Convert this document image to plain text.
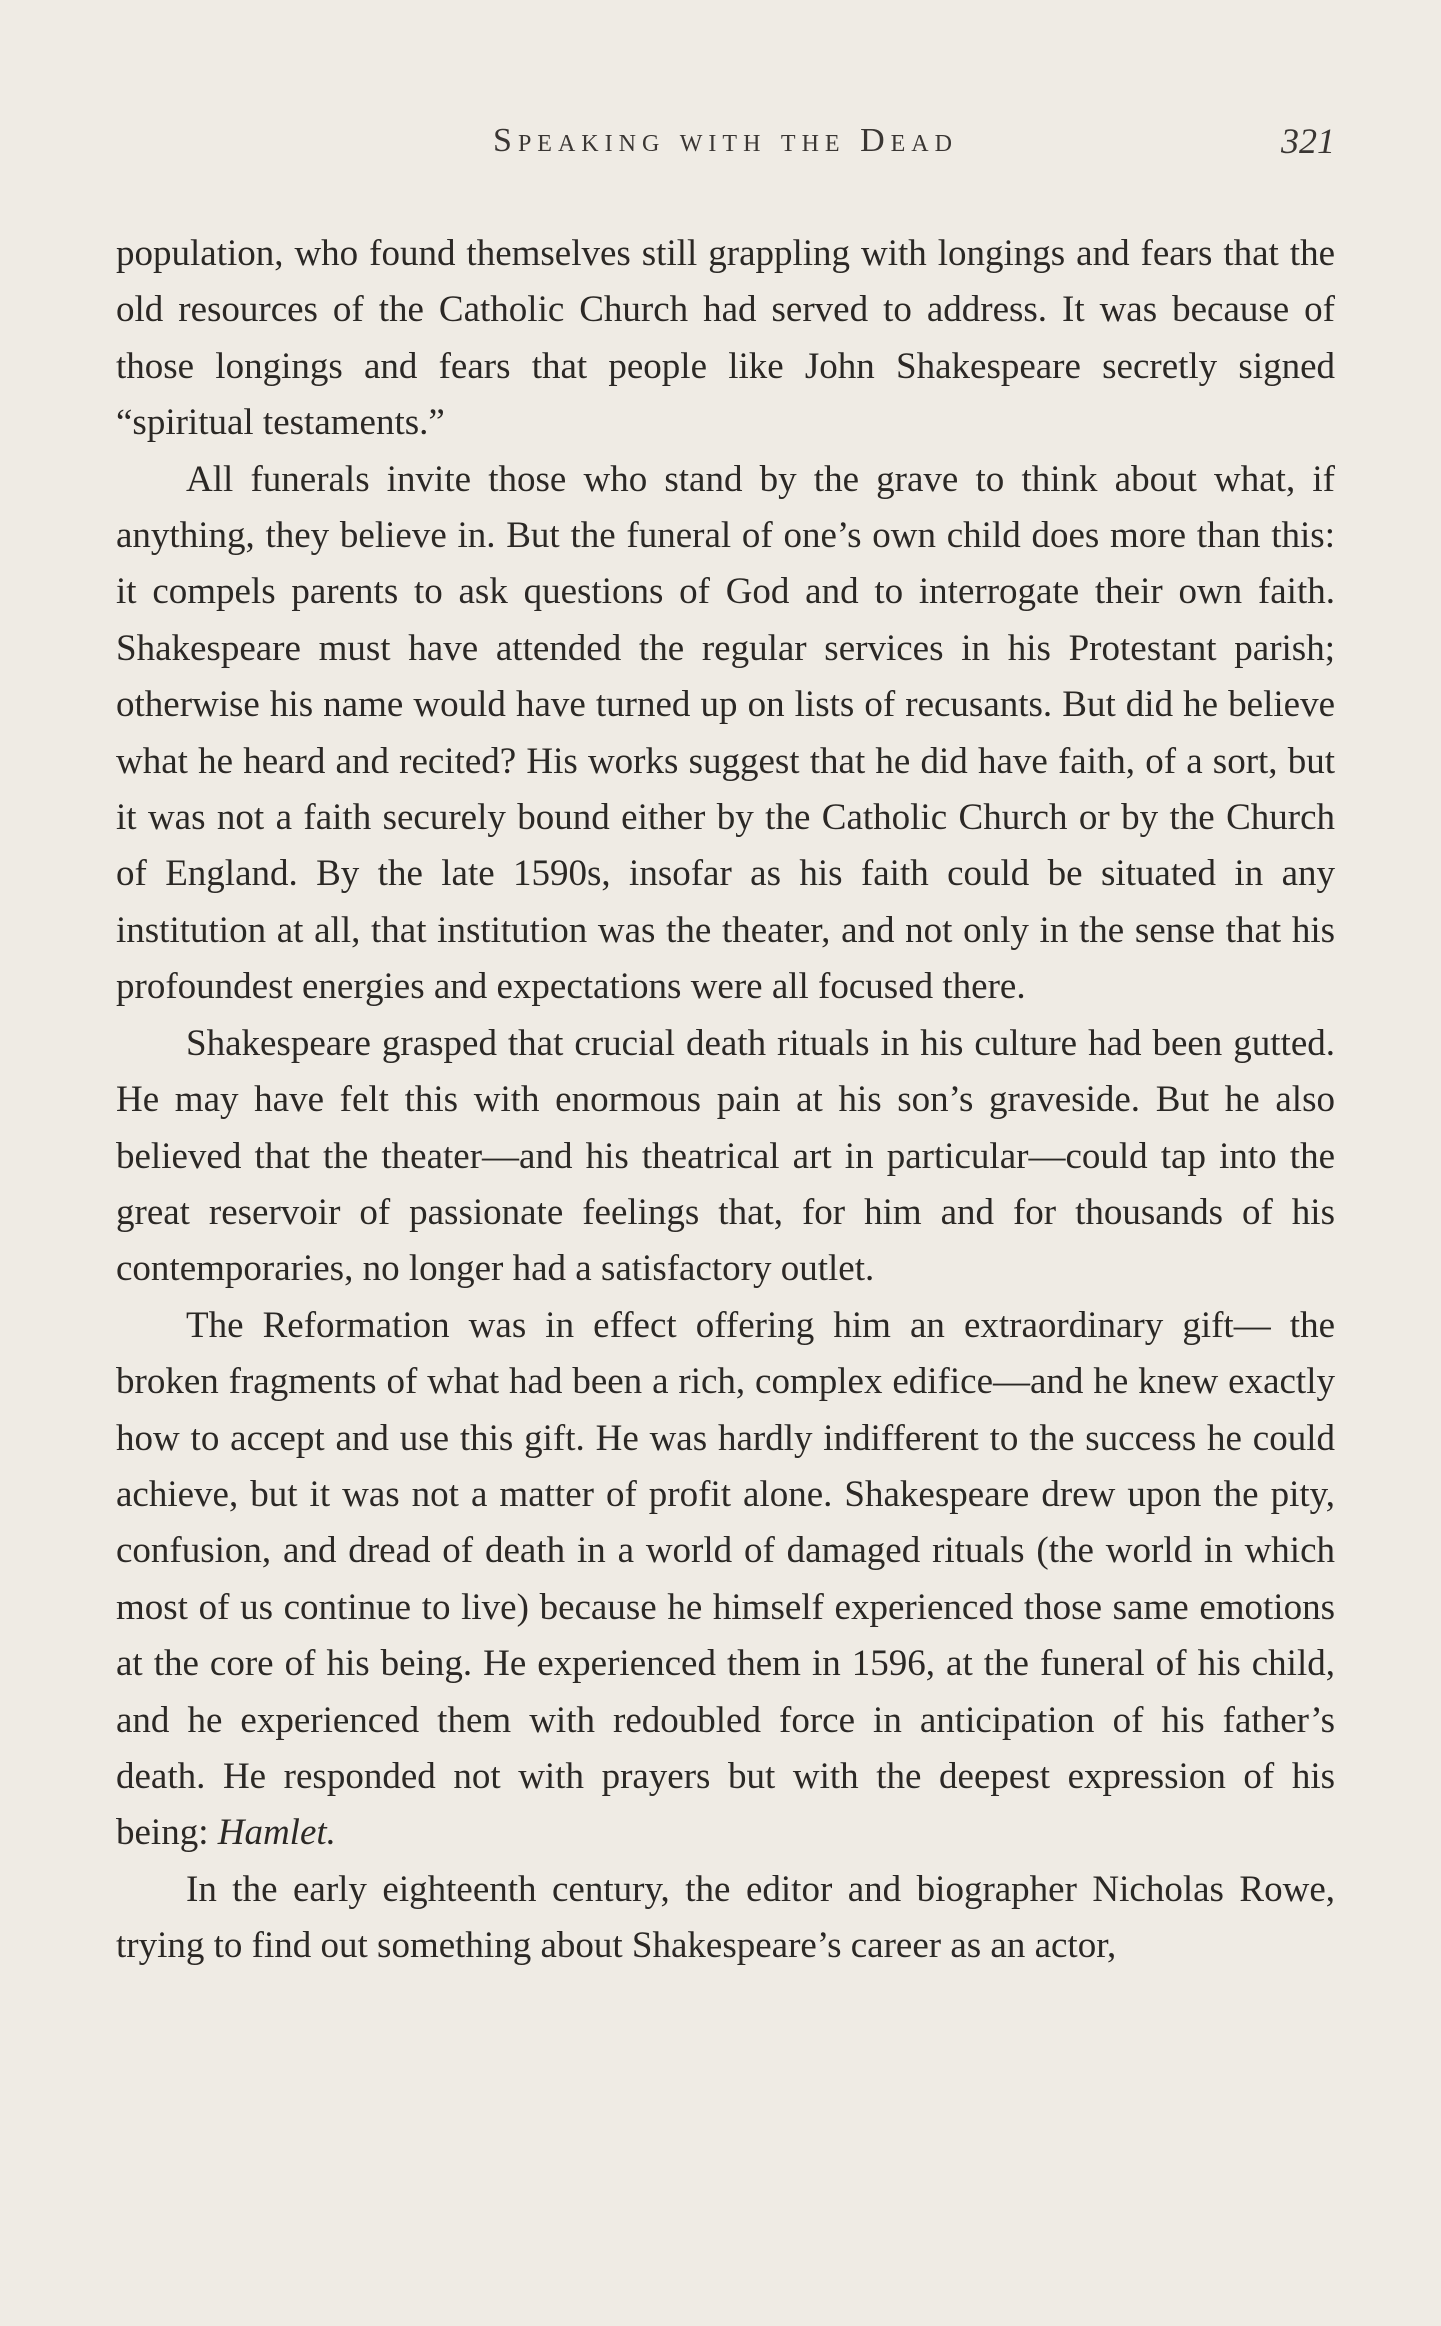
Speaking with the Dead	321

population, who found themselves still grappling with longings and fears that the old resources of the Catholic Church had served to address. It was because of those longings and fears that people like John Shakespeare secretly signed “spiritual testaments.”

All funerals invite those who stand by the grave to think about what, if anything, they believe in. But the funeral of one’s own child does more than this: it compels parents to ask questions of God and to interrogate their own faith. Shakespeare must have attended the regular services in his Protestant parish; otherwise his name would have turned up on lists of recusants. But did he believe what he heard and recited? His works suggest that he did have faith, of a sort, but it was not a faith securely bound either by the Catholic Church or by the Church of England. By the late 1590s, insofar as his faith could be situated in any institution at all, that institution was the theater, and not only in the sense that his profoundest energies and expectations were all focused there.

Shakespeare grasped that crucial death rituals in his culture had been gutted. He may have felt this with enormous pain at his son’s graveside. But he also believed that the theater—and his theatrical art in particular—could tap into the great reservoir of passionate feelings that, for him and for thousands of his contemporaries, no longer had a satisfactory outlet.

The Reformation was in effect offering him an extraordinary gift— the broken fragments of what had been a rich, complex edifice—and he knew exactly how to accept and use this gift. He was hardly indifferent to the success he could achieve, but it was not a matter of profit alone. Shakespeare drew upon the pity, confusion, and dread of death in a world of damaged rituals (the world in which most of us continue to live) because he himself experienced those same emotions at the core of his being. He experienced them in 1596, at the funeral of his child, and he experienced them with redoubled force in anticipation of his father’s death. He responded not with prayers but with the deepest expression of his being: Hamlet.

In the early eighteenth century, the editor and biographer Nicholas Rowe, trying to find out something about Shakespeare’s career as an actor,
